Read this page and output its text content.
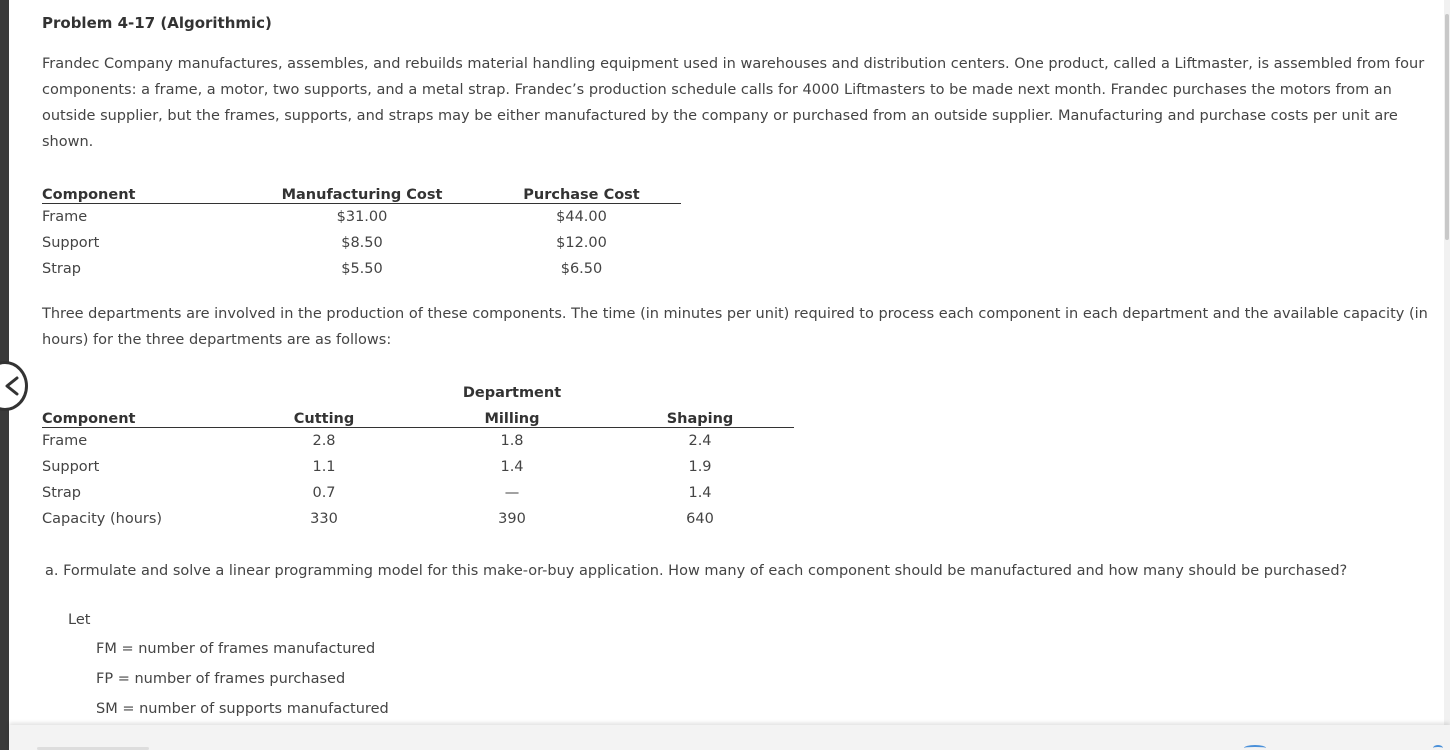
Problem 4-17 (Algorithmic)

Frandec Company manufactures, assembles, and rebuilds material handling equipment used in warehouses and distribution centers. One product, called a Liftmaster, is assembled from four components: a frame, a motor, two supports, and a metal strap. Frandec’s production schedule calls for 4000 Liftmasters to be made next month. Frandec purchases the motors from an outside supplier, but the frames, supports, and straps may be either manufactured by the company or purchased from an outside supplier. Manufacturing and purchase costs per unit are shown.

Component	Manufacturing Cost	Purchase Cost
Frame	$31.00	$44.00
Support	$8.50	$12.00
Strap	$5.50	$6.50

Three departments are involved in the production of these components. The time (in minutes per unit) required to process each component in each department and the available capacity (in hours) for the three departments are as follows:

		Department	
Component	Cutting	Milling	Shaping
Frame	2.8	1.8	2.4
Support	1.1	1.4	1.9
Strap	0.7	—	1.4
Capacity (hours)	330	390	640

a. Formulate and solve a linear programming model for this make-or-buy application. How many of each component should be manufactured and how many should be purchased?

Let

FM = number of frames manufactured

FP = number of frames purchased

SM = number of supports manufactured
